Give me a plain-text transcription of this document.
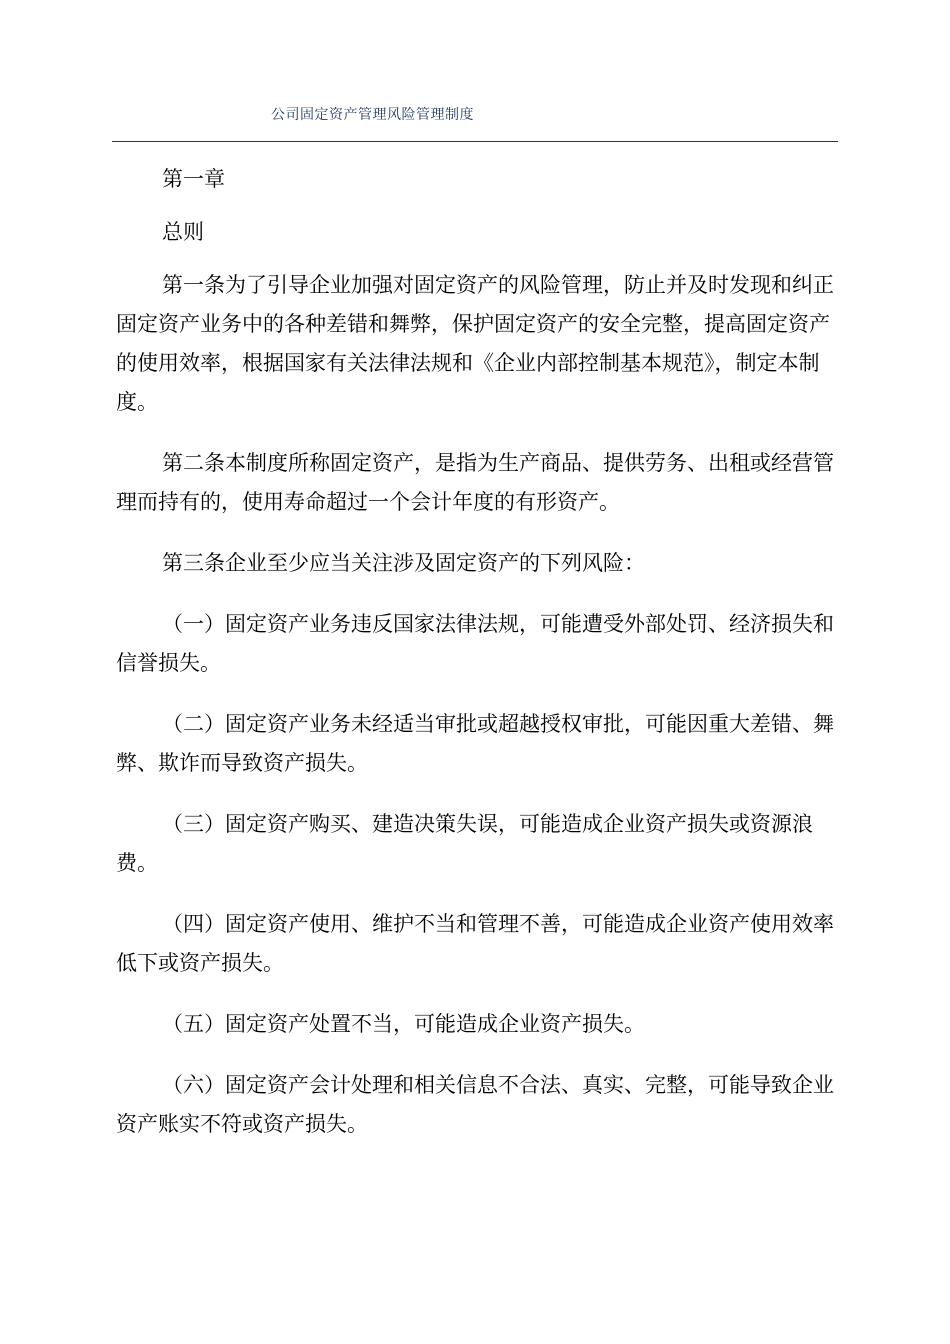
公司固定资产管理风险管理制度

第一章

总则

第一条为了引导企业加强对固定资产的风险管理，防止并及时发现和纠正固定资产业务中的各种差错和舞弊，保护固定资产的安全完整，提高固定资产的使用效率，根据国家有关法律法规和《企业内部控制基本规范》，制定本制度。

第二条本制度所称固定资产，是指为生产商品、提供劳务、出租或经营管理而持有的，使用寿命超过一个会计年度的有形资产。

第三条企业至少应当关注涉及固定资产的下列风险：

（一）固定资产业务违反国家法律法规，可能遭受外部处罚、经济损失和信誉损失。

（二）固定资产业务未经适当审批或超越授权审批，可能因重大差错、舞弊、欺诈而导致资产损失。

（三）固定资产购买、建造决策失误，可能造成企业资产损失或资源浪费。

（四）固定资产使用、维护不当和管理不善，可能造成企业资产使用效率低下或资产损失。

（五）固定资产处置不当，可能造成企业资产损失。

（六）固定资产会计处理和相关信息不合法、真实、完整，可能导致企业资产账实不符或资产损失。
